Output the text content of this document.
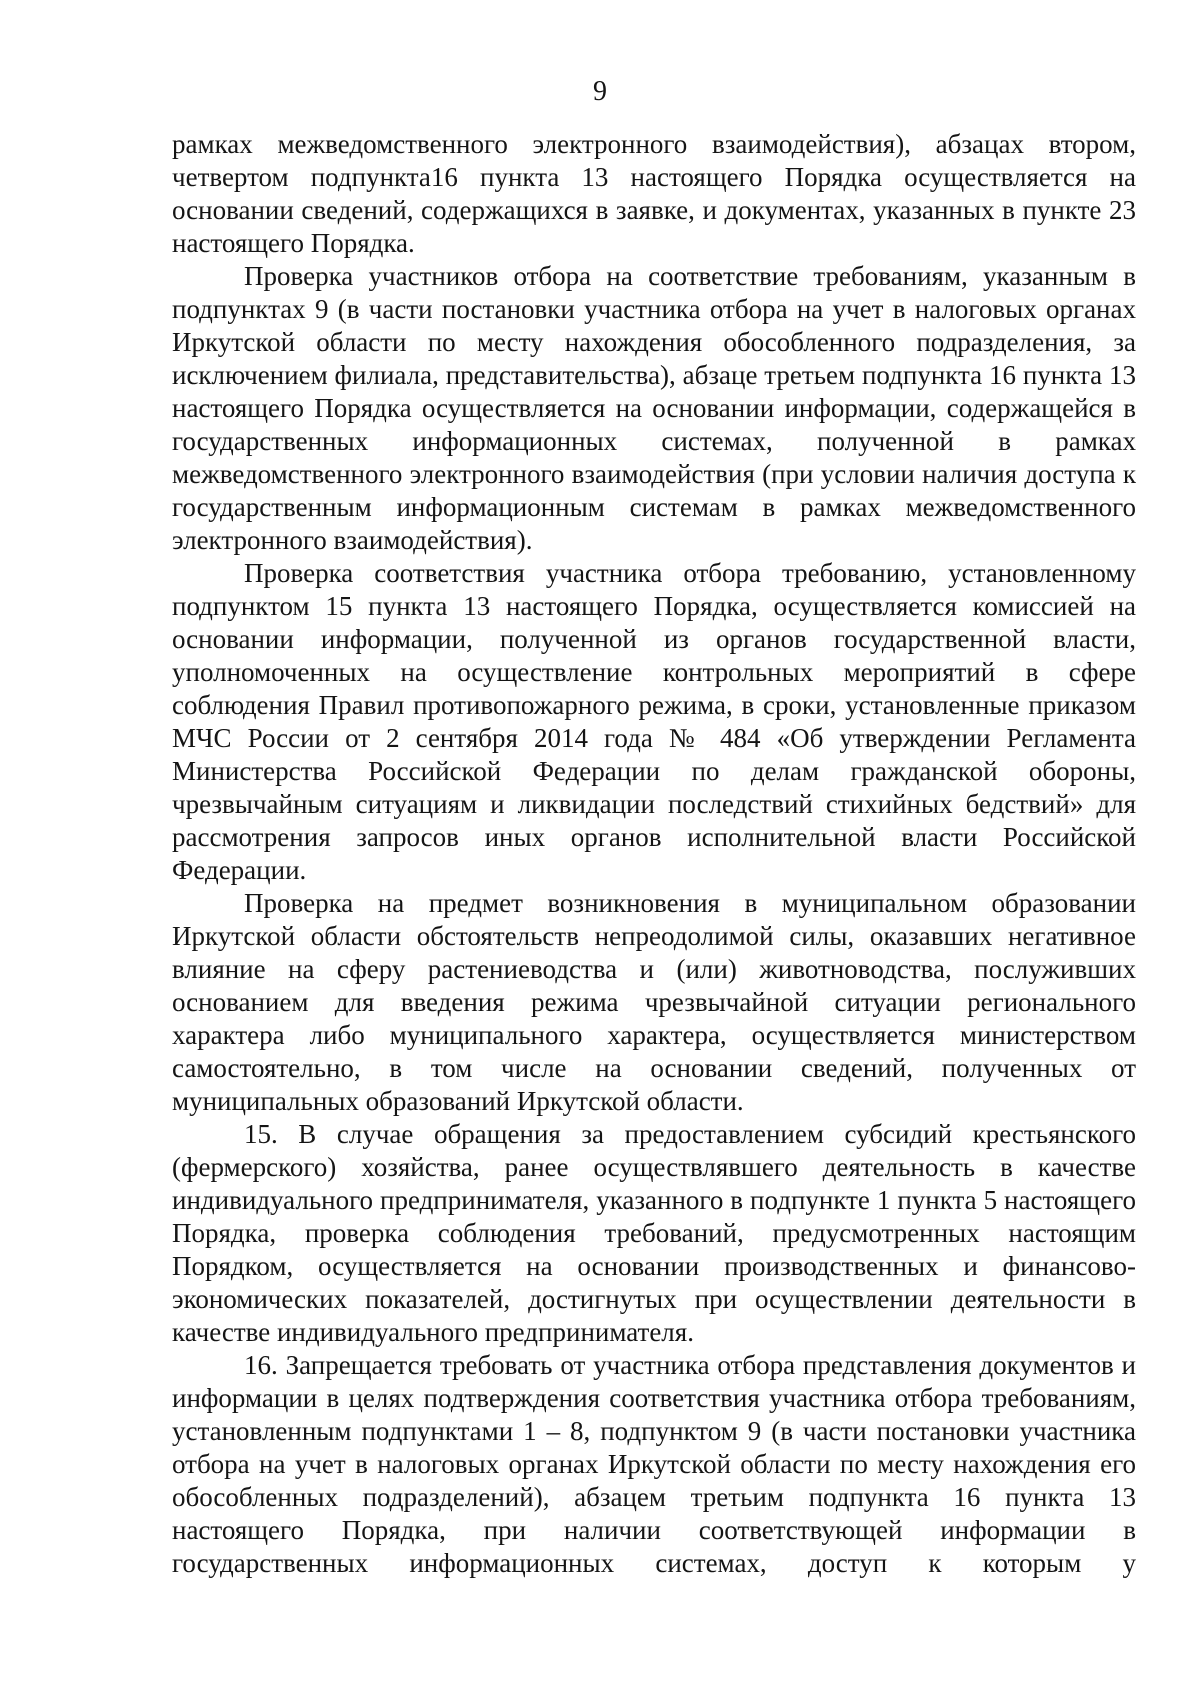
9

рамках межведомственного электронного взаимодействия), абзацах втором, четвертом подпункта16 пункта 13 настоящего Порядка осуществляется на основании сведений, содержащихся в заявке, и документах, указанных в пункте 23 настоящего Порядка.

Проверка участников отбора на соответствие требованиям, указанным в подпунктах 9 (в части постановки участника отбора на учет в налоговых органах Иркутской области по месту нахождения обособленного подразделения, за исключением филиала, представительства), абзаце третьем подпункта 16 пункта 13 настоящего Порядка осуществляется на основании информации, содержащейся в государственных информационных системах, полученной в рамках межведомственного электронного взаимодействия (при условии наличия доступа к государственным информационным системам в рамках межведомственного электронного взаимодействия).

Проверка соответствия участника отбора требованию, установленному подпунктом 15 пункта 13 настоящего Порядка, осуществляется комиссией на основании информации, полученной из органов государственной власти, уполномоченных на осуществление контрольных мероприятий в сфере соблюдения Правил противопожарного режима, в сроки, установленные приказом МЧС России от 2 сентября 2014 года № 484 «Об утверждении Регламента Министерства Российской Федерации по делам гражданской обороны, чрезвычайным ситуациям и ликвидации последствий стихийных бедствий» для рассмотрения запросов иных органов исполнительной власти Российской Федерации.

Проверка на предмет возникновения в муниципальном образовании Иркутской области обстоятельств непреодолимой силы, оказавших негативное влияние на сферу растениеводства и (или) животноводства, послуживших основанием для введения режима чрезвычайной ситуации регионального характера либо муниципального характера, осуществляется министерством самостоятельно, в том числе на основании сведений, полученных от муниципальных образований Иркутской области.

15. В случае обращения за предоставлением субсидий крестьянского (фермерского) хозяйства, ранее осуществлявшего деятельность в качестве индивидуального предпринимателя, указанного в подпункте 1 пункта 5 настоящего Порядка, проверка соблюдения требований, предусмотренных настоящим Порядком, осуществляется на основании производственных и финансово-экономических показателей, достигнутых при осуществлении деятельности в качестве индивидуального предпринимателя.

16. Запрещается требовать от участника отбора представления документов и информации в целях подтверждения соответствия участника отбора требованиям, установленным подпунктами 1 – 8, подпунктом 9 (в части постановки участника отбора на учет в налоговых органах Иркутской области по месту нахождения его обособленных подразделений), абзацем третьим подпункта 16 пункта 13 настоящего Порядка, при наличии соответствующей информации в государственных информационных системах, доступ к которым у
